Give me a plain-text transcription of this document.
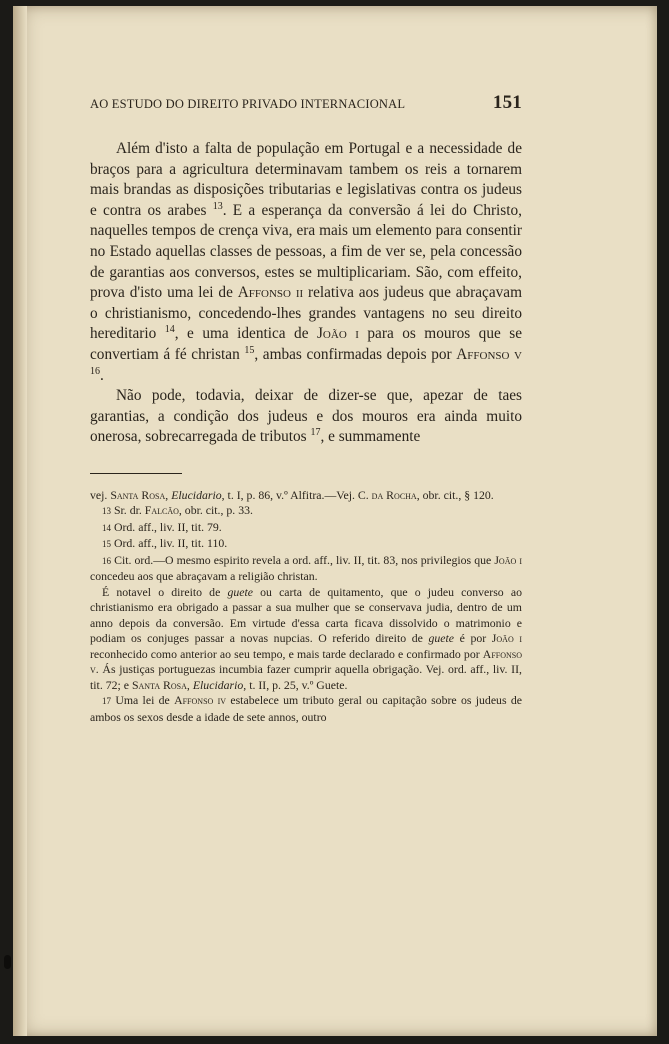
AO ESTUDO DO DIREITO PRIVADO INTERNACIONAL	151

Além d'isto a falta de população em Portugal e a necessidade de braços para a agricultura determinavam tambem os reis a tornarem mais brandas as disposições tributarias e legislativas contra os judeus e contra os arabes $^{13}$. E a esperança da conversão á lei do Christo, naquelles tempos de crença viva, era mais um elemento para consentir no Estado aquellas classes de pessoas, a fim de ver se, pela concessão de garantias aos conversos, estes se multiplicariam. São, com effeito, prova d'isto uma lei de Affonso ii relativa aos judeus que abraçavam o christianismo, concedendo-lhes grandes vantagens no seu direito hereditario $^{14}$, e uma identica de João i para os mouros que se convertiam á fé christan $^{15}$, ambas confirmadas depois por Affonso v $^{16}$.

Não pode, todavia, deixar de dizer-se que, apezar de taes garantias, a condição dos judeus e dos mouros era ainda muito onerosa, sobrecarregada de tributos $^{17}$, e summamente

vej. Santa Rosa, Elucidario, t. I, p. 86, v.º Alfitra.—Vej. C. da Rocha, obr. cit., § 120.

13 Sr. dr. Falcão, obr. cit., p. 33.

14 Ord. aff., liv. II, tit. 79.

15 Ord. aff., liv. II, tit. 110.

16 Cit. ord.—O mesmo espirito revela a ord. aff., liv. II, tit. 83, nos privilegios que João i concedeu aos que abraçavam a religião christan.

É notavel o direito de guete ou carta de quitamento, que o judeu converso ao christianismo era obrigado a passar a sua mulher que se conservava judia, dentro de um anno depois da conversão. Em virtude d'essa carta ficava dissolvido o matrimonio e podiam os conjuges passar a novas nupcias. O referido direito de guete é por João i reconhecido como anterior ao seu tempo, e mais tarde declarado e confirmado por Affonso v. Ás justiças portuguezas incumbia fazer cumprir aquella obrigação. Vej. ord. aff., liv. II, tit. 72; e Santa Rosa, Elucidario, t. II, p. 25, v.º Guete.

17 Uma lei de Affonso iv estabelece um tributo geral ou capitação sobre os judeus de ambos os sexos desde a idade de sete annos, outro
